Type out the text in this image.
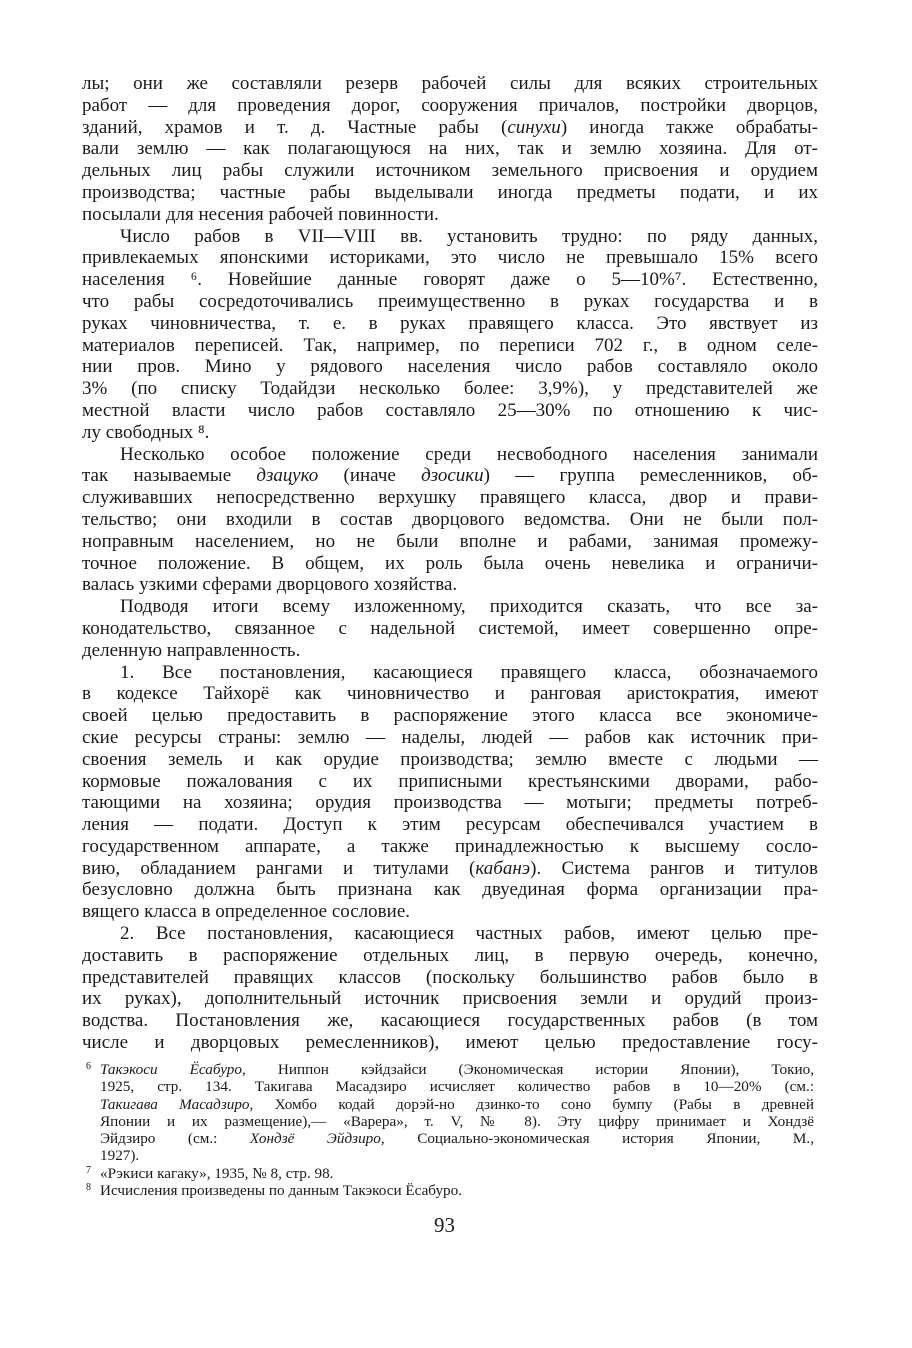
лы; они же составляли резерв рабочей силы для всяких строительных
работ — для проведения дорог, сооружения причалов, постройки дворцов,
зданий, храмов и т. д. Частные рабы (синухи) иногда также обрабаты-
вали землю — как полагающуюся на них, так и землю хозяина. Для от-
дельных лиц рабы служили источником земельного присвоения и орудием
производства; частные рабы выделывали иногда предметы подати, и их
посылали для несения рабочей повинности.
Число рабов в VII—VIII вв. установить трудно: по ряду данных,
привлекаемых японскими историками, это число не превышало 15% всего
населения ⁶. Новейшие данные говорят даже о 5—10%⁷. Естественно,
что рабы сосредоточивались преимущественно в руках государства и в
руках чиновничества, т. е. в руках правящего класса. Это явствует из
материалов переписей. Так, например, по переписи 702 г., в одном селе-
нии пров. Мино у рядового населения число рабов составляло около
3% (по списку Тодайдзи несколько более: 3,9%), у представителей же
местной власти число рабов составляло 25—30% по отношению к чис-
лу свободных ⁸.
Несколько особое положение среди несвободного населения занимали
так называемые дзацуко (иначе дзосики) — группа ремесленников, об-
служивавших непосредственно верхушку правящего класса, двор и прави-
тельство; они входили в состав дворцового ведомства. Они не были пол-
ноправным населением, но не были вполне и рабами, занимая промежу-
точное положение. В общем, их роль была очень невелика и ограничи-
валась узкими сферами дворцового хозяйства.
Подводя итоги всему изложенному, приходится сказать, что все за-
конодательство, связанное с надельной системой, имеет совершенно опре-
деленную направленность.
1. Все постановления, касающиеся правящего класса, обозначаемого
в кодексе Тайхорё как чиновничество и ранговая аристократия, имеют
своей целью предоставить в распоряжение этого класса все экономиче-
ские ресурсы страны: землю — наделы, людей — рабов как источник при-
своения земель и как орудие производства; землю вместе с людьми —
кормовые пожалования с их приписными крестьянскими дворами, рабо-
тающими на хозяина; орудия производства — мотыги; предметы потреб-
ления — подати. Доступ к этим ресурсам обеспечивался участием в
государственном аппарате, а также принадлежностью к высшему сосло-
вию, обладанием рангами и титулами (кабанэ). Система рангов и титулов
безусловно должна быть признана как двуединая форма организации пра-
вящего класса в определенное сословие.
2. Все постановления, касающиеся частных рабов, имеют целью пре-
доставить в распоряжение отдельных лиц, в первую очередь, конечно,
представителей правящих классов (поскольку большинство рабов было в
их руках), дополнительный источник присвоения земли и орудий произ-
водства. Постановления же, касающиеся государственных рабов (в том
числе и дворцовых ремесленников), имеют целью предоставление госу-
6 Такэкоси Ёсабуро, Ниппон кэйдзайси (Экономическая истории Японии), Токио,
1925, стр. 134. Такигава Масадзиро исчисляет количество рабов в 10—20% (см.:
Такигава Масадзиро, Хомбо кодай дорэй-но дзинко-то соно бумпу (Рабы в древней
Японии и их размещение),— «Варера», т. V, № 8). Эту цифру принимает и Хондзё
Эйдзиро (см.: Хондзё Эйдзиро, Социально-экономическая история Японии, М.,
1927).
7 «Рэкиси кагаку», 1935, № 8, стр. 98.
8 Исчисления произведены по данным Такэкоси Ёсабуро.
93
